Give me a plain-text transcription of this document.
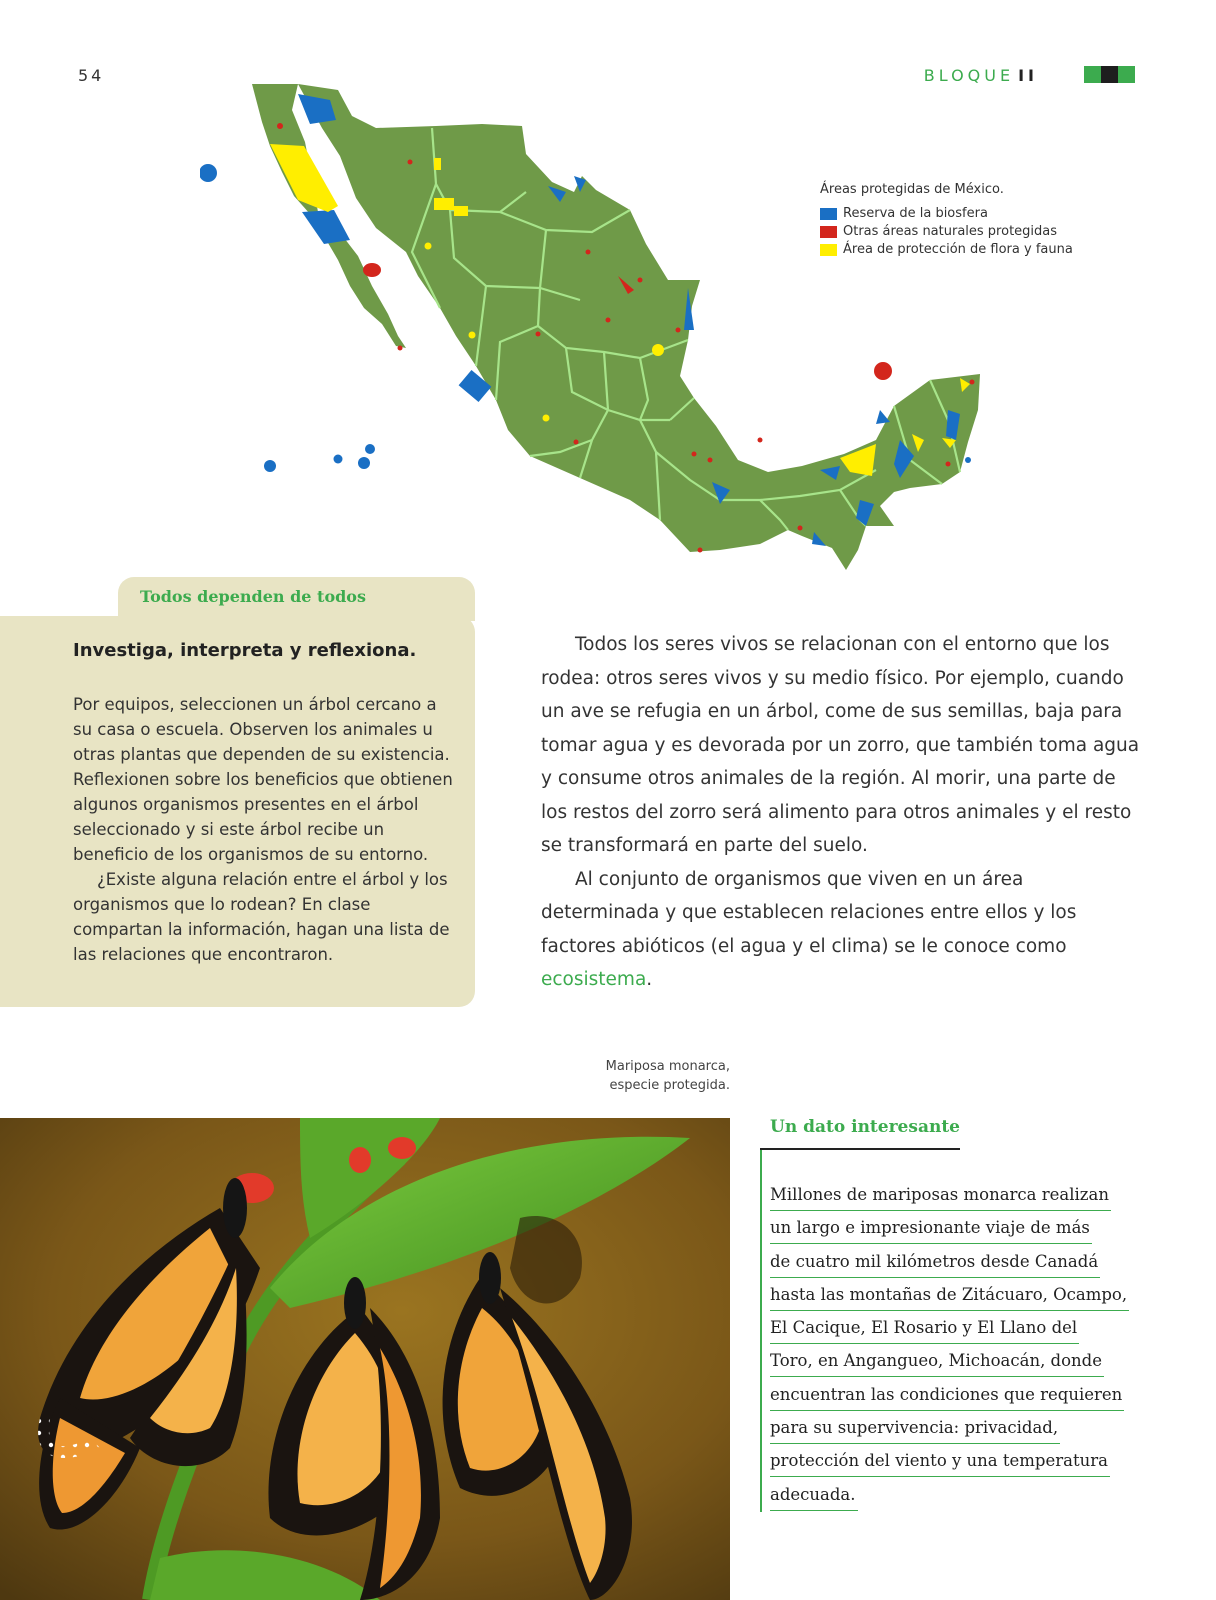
54	BLOQUE II
Áreas protegidas de México.
Reserva de la biosfera
Otras áreas naturales protegidas
Área de protección de flora y fauna
Todos dependen de todos
Investiga, interpreta y reflexiona.

Por equipos, seleccionen un árbol cercano a su casa o escuela. Observen los animales u otras plantas que dependen de su existencia. Reflexionen sobre los beneficios que obtienen algunos organismos presentes en el árbol seleccionado y si este árbol recibe un beneficio de los organismos de su entorno.

¿Existe alguna relación entre el árbol y los organismos que lo rodean? En clase compartan la información, hagan una lista de las relaciones que encontraron.

Todos los seres vivos se relacionan con el entorno que los rodea: otros seres vivos y su medio físico. Por ejemplo, cuando un ave se refugia en un árbol, come de sus semillas, baja para tomar agua y es devorada por un zorro, que también toma agua y consume otros animales de la región. Al morir, una parte de los restos del zorro será alimento para otros animales y el resto se transformará en parte del suelo.

Al conjunto de organismos que viven en un área determinada y que establecen relaciones entre ellos y los factores abióticos (el agua y el clima) se le conoce como ecosistema.

Mariposa monarca,
especie protegida.
Un dato interesante
Millones de mariposas monarca realizan
un largo e impresionante viaje de más
de cuatro mil kilómetros desde Canadá
hasta las montañas de Zitácuaro, Ocampo,
El Cacique, El Rosario y El Llano del
Toro, en Angangueo, Michoacán, donde
encuentran las condiciones que requieren
para su supervivencia: privacidad,
protección del viento y una temperatura
adecuada.
